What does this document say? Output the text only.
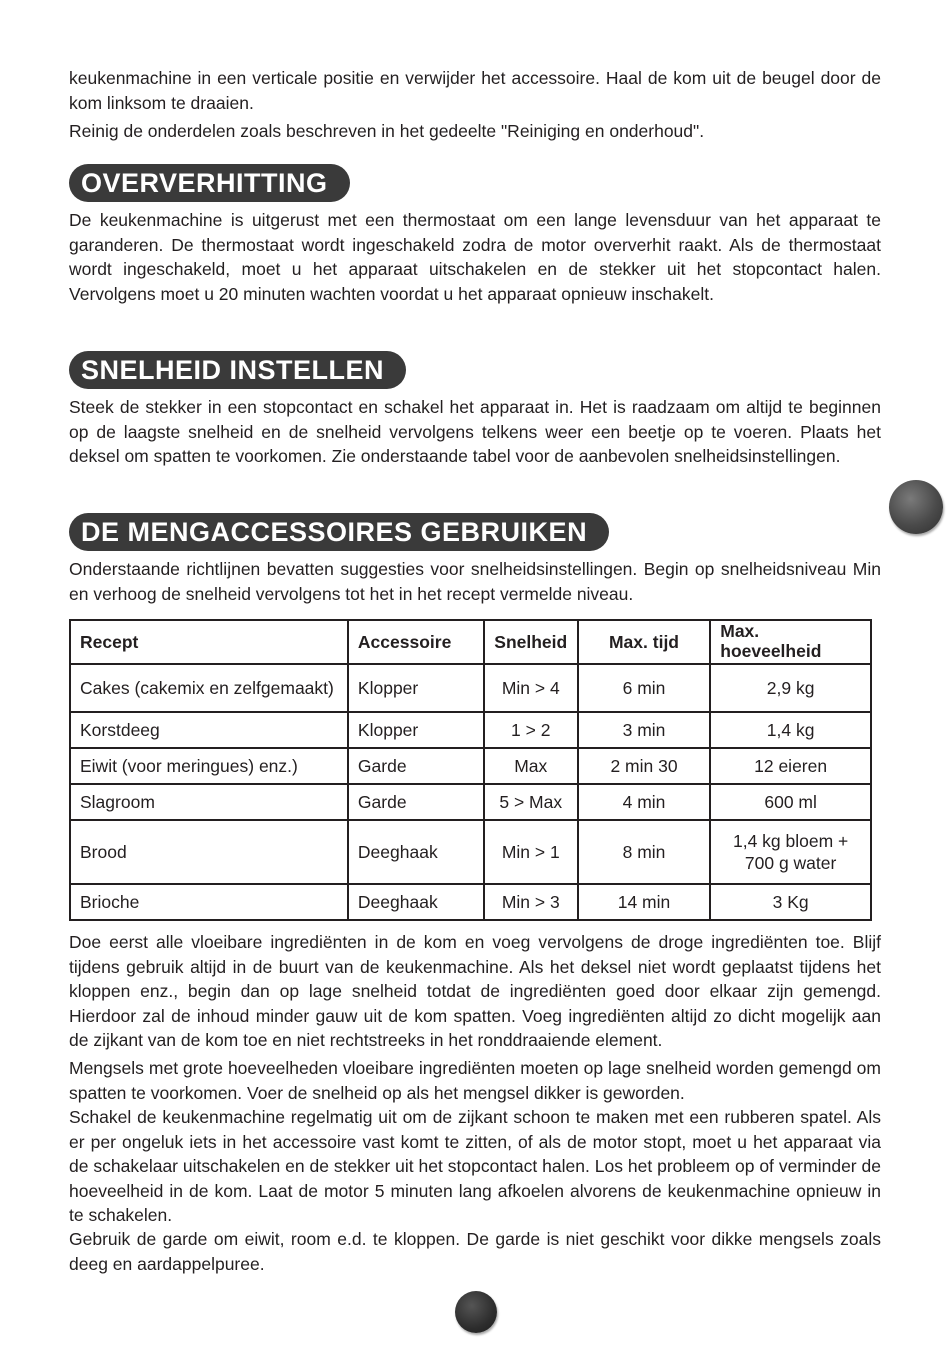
keukenmachine in een verticale positie en verwijder het accessoire. Haal de kom uit de beugel door de kom linksom te draaien.

Reinig de onderdelen zoals beschreven in het gedeelte "Reiniging en onderhoud".

OVERVERHITTING

De keukenmachine is uitgerust met een thermostaat om een lange levensduur van het apparaat te garanderen. De thermostaat wordt ingeschakeld zodra de motor oververhit raakt. Als de thermostaat wordt ingeschakeld, moet u het apparaat uitschakelen en de stekker uit het stopcontact halen. Vervolgens moet u 20 minuten wachten voordat u het apparaat opnieuw inschakelt.

SNELHEID INSTELLEN

Steek de stekker in een stopcontact en schakel het apparaat in. Het is raadzaam om altijd te beginnen op de laagste snelheid en de snelheid vervolgens telkens weer een beetje op te voeren. Plaats het deksel om spatten te voorkomen. Zie onderstaande tabel voor de aanbevolen snelheidsinstellingen.

DE MENGACCESSOIRES GEBRUIKEN

Onderstaande richtlijnen bevatten suggesties voor snelheidsinstellingen. Begin op snelheidsniveau Min en verhoog de snelheid vervolgens tot het in het recept vermelde niveau.

Recept	Accessoire	Snelheid	Max. tijd	Max. hoeveelheid
Cakes (cakemix en zelfgemaakt)	Klopper	Min > 4	6 min	2,9 kg
Korstdeeg	Klopper	1 > 2	3 min	1,4 kg
Eiwit (voor meringues) enz.)	Garde	Max	2 min 30	12 eieren
Slagroom	Garde	5 > Max	4 min	600 ml
Brood	Deeghaak	Min > 1	8 min	1,4 kg bloem + 700 g water
Brioche	Deeghaak	Min > 3	14 min	3 Kg

Doe eerst alle vloeibare ingrediënten in de kom en voeg vervolgens de droge ingrediënten toe. Blijf tijdens gebruik altijd in de buurt van de keukenmachine. Als het deksel niet wordt geplaatst tijdens het kloppen enz., begin dan op lage snelheid totdat de ingrediënten goed door elkaar zijn gemengd. Hierdoor zal de inhoud minder gauw uit de kom spatten. Voeg ingrediënten altijd zo dicht mogelijk aan de zijkant van de kom toe en niet rechtstreeks in het ronddraaiende element.

Mengsels met grote hoeveelheden vloeibare ingrediënten moeten op lage snelheid worden gemengd om spatten te voorkomen. Voer de snelheid op als het mengsel dikker is geworden.

Schakel de keukenmachine regelmatig uit om de zijkant schoon te maken met een rubberen spatel. Als er per ongeluk iets in het accessoire vast komt te zitten, of als de motor stopt, moet u het apparaat via de schakelaar uitschakelen en de stekker uit het stopcontact halen. Los het probleem op of verminder de hoeveelheid in de kom. Laat de motor 5 minuten lang afkoelen alvorens de keukenmachine opnieuw in te schakelen.

Gebruik de garde om eiwit, room e.d. te kloppen. De garde is niet geschikt voor dikke mengsels zoals deeg en aardappelpuree.
